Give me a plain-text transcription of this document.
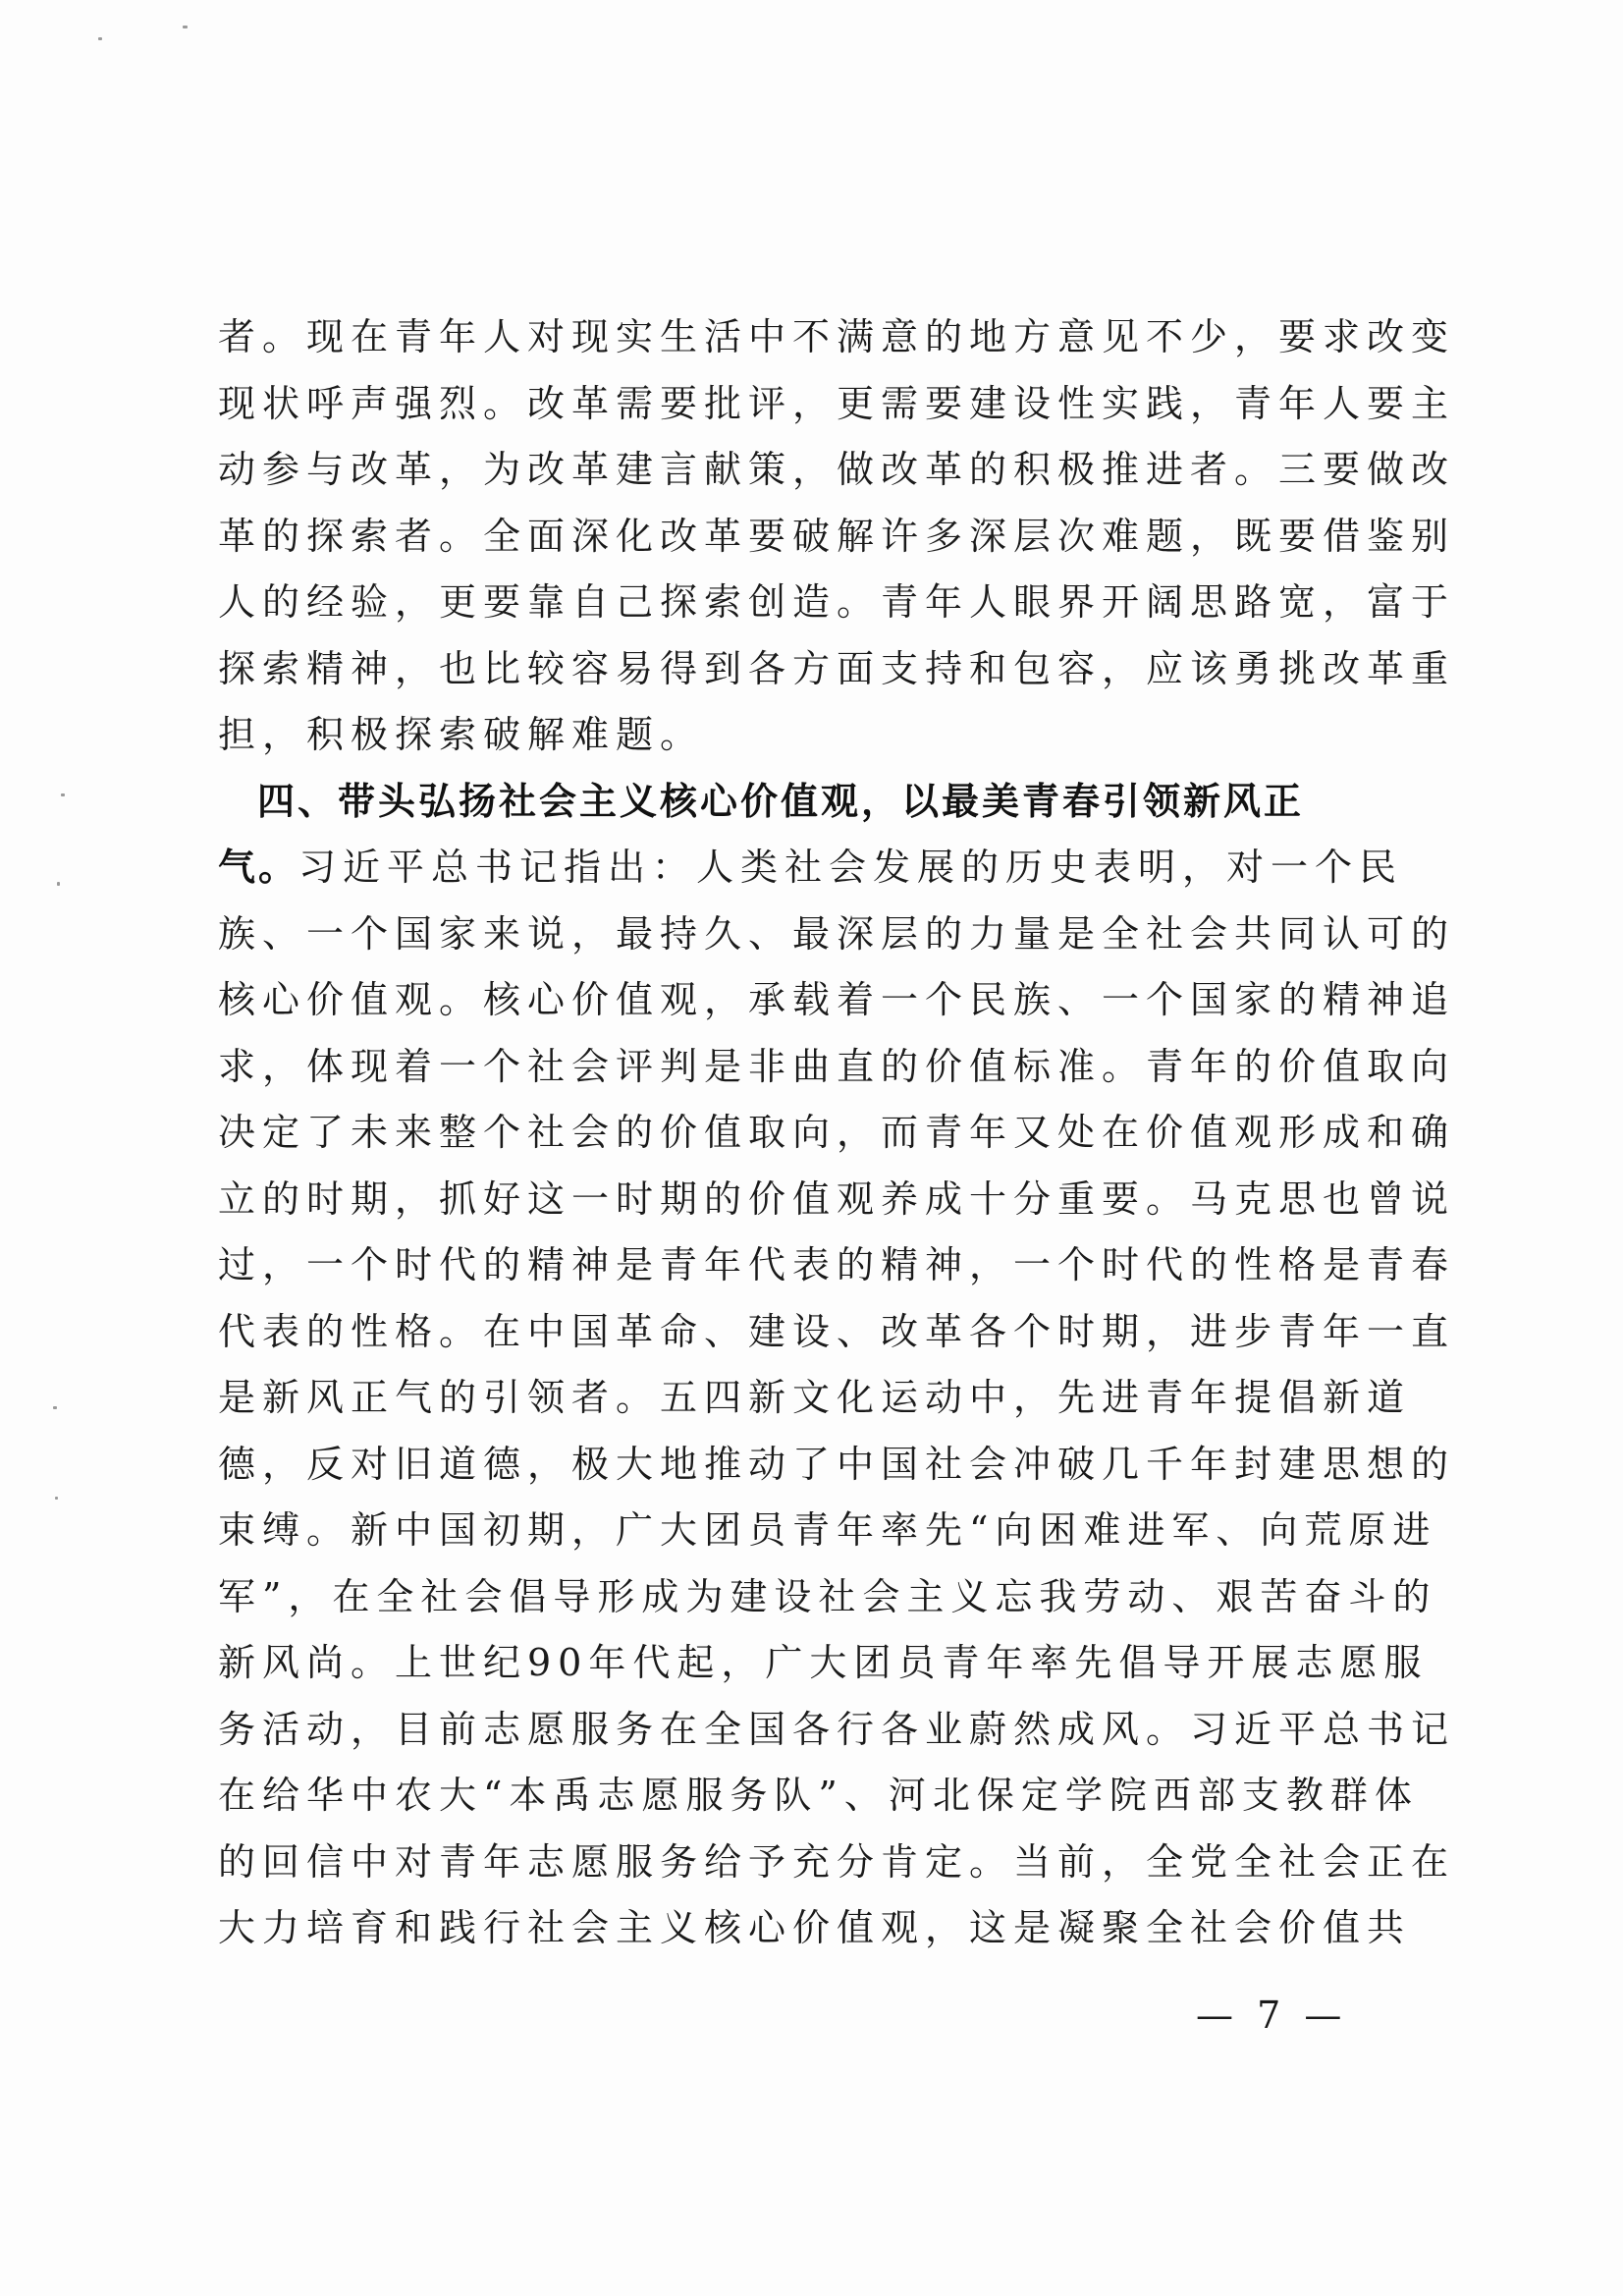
者。现在青年人对现实生活中不满意的地方意见不少，要求改变
现状呼声强烈。改革需要批评，更需要建设性实践，青年人要主
动参与改革，为改革建言献策，做改革的积极推进者。三要做改
革的探索者。全面深化改革要破解许多深层次难题，既要借鉴别
人的经验，更要靠自己探索创造。青年人眼界开阔思路宽，富于
探索精神，也比较容易得到各方面支持和包容，应该勇挑改革重
担，积极探索破解难题。
四、带头弘扬社会主义核心价值观，以最美青春引领新风正
气。习近平总书记指出：人类社会发展的历史表明，对一个民
族、一个国家来说，最持久、最深层的力量是全社会共同认可的
核心价值观。核心价值观，承载着一个民族、一个国家的精神追
求，体现着一个社会评判是非曲直的价值标准。青年的价值取向
决定了未来整个社会的价值取向，而青年又处在价值观形成和确
立的时期，抓好这一时期的价值观养成十分重要。马克思也曾说
过，一个时代的精神是青年代表的精神，一个时代的性格是青春
代表的性格。在中国革命、建设、改革各个时期，进步青年一直
是新风正气的引领者。五四新文化运动中，先进青年提倡新道
德，反对旧道德，极大地推动了中国社会冲破几千年封建思想的
束缚。新中国初期，广大团员青年率先“向困难进军、向荒原进
军”，在全社会倡导形成为建设社会主义忘我劳动、艰苦奋斗的
新风尚。上世纪90年代起，广大团员青年率先倡导开展志愿服
务活动，目前志愿服务在全国各行各业蔚然成风。习近平总书记
在给华中农大“本禹志愿服务队”、河北保定学院西部支教群体
的回信中对青年志愿服务给予充分肯定。当前，全党全社会正在
大力培育和践行社会主义核心价值观，这是凝聚全社会价值共
— 7 —
